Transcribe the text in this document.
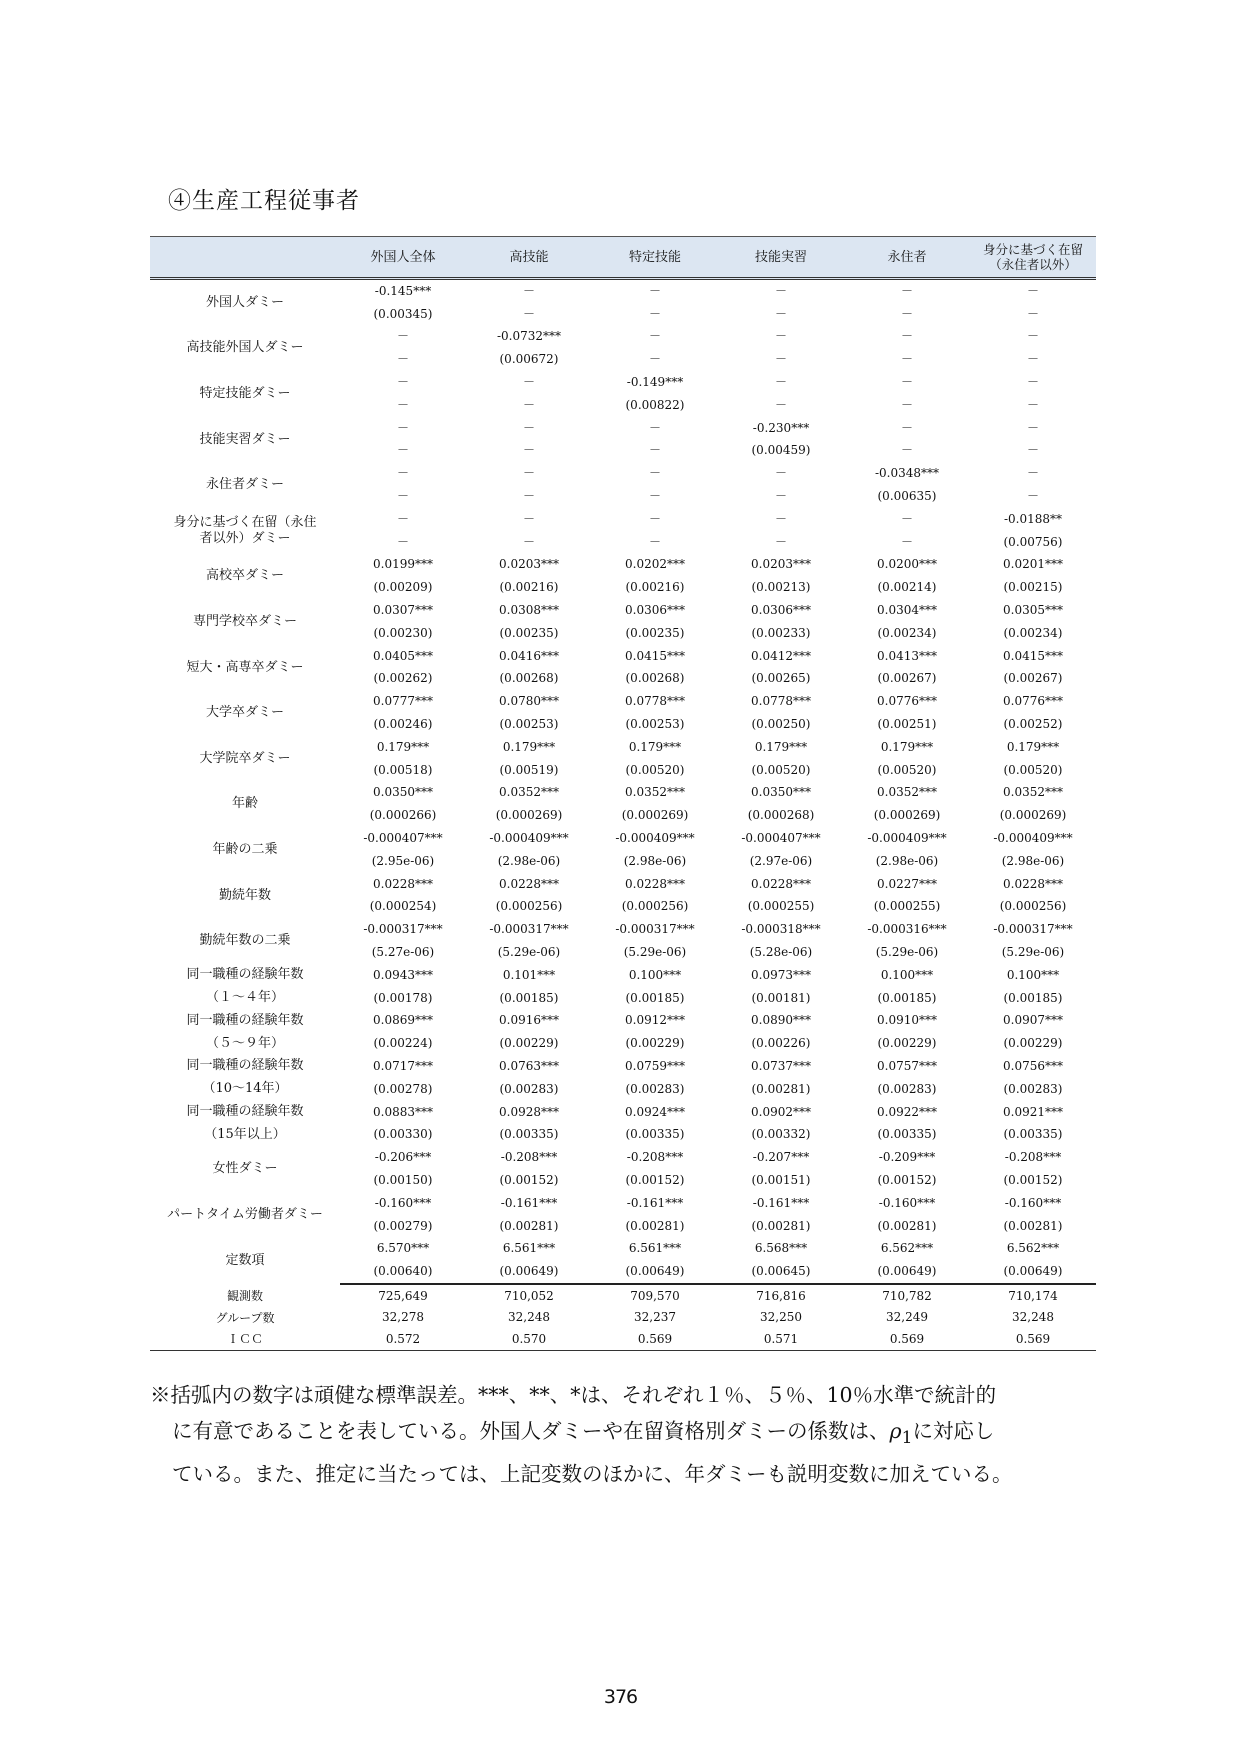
④生産工程従事者
	外国人全体	高技能	特定技能	技能実習	永住者	身分に基づく在留（永住者以外）
外国人ダミー	-0.145***	－	－	－	－	－
	(0.00345)	－	－	－	－	－
高技能外国人ダミー	－	-0.0732***	－	－	－	－
	－	(0.00672)	－	－	－	－
特定技能ダミー	－	－	-0.149***	－	－	－
	－	－	(0.00822)	－	－	－
技能実習ダミー	－	－	－	-0.230***	－	－
	－	－	－	(0.00459)	－	－
永住者ダミー	－	－	－	－	-0.0348***	－
	－	－	－	－	(0.00635)	－
身分に基づく在留（永住者以外）ダミー	－	－	－	－	－	-0.0188**
	－	－	－	－	－	(0.00756)
高校卒ダミー	0.0199***	0.0203***	0.0202***	0.0203***	0.0200***	0.0201***
	(0.00209)	(0.00216)	(0.00216)	(0.00213)	(0.00214)	(0.00215)
専門学校卒ダミー	0.0307***	0.0308***	0.0306***	0.0306***	0.0304***	0.0305***
	(0.00230)	(0.00235)	(0.00235)	(0.00233)	(0.00234)	(0.00234)
短大・高専卒ダミー	0.0405***	0.0416***	0.0415***	0.0412***	0.0413***	0.0415***
	(0.00262)	(0.00268)	(0.00268)	(0.00265)	(0.00267)	(0.00267)
大学卒ダミー	0.0777***	0.0780***	0.0778***	0.0778***	0.0776***	0.0776***
	(0.00246)	(0.00253)	(0.00253)	(0.00250)	(0.00251)	(0.00252)
大学院卒ダミー	0.179***	0.179***	0.179***	0.179***	0.179***	0.179***
	(0.00518)	(0.00519)	(0.00520)	(0.00520)	(0.00520)	(0.00520)
年齢	0.0350***	0.0352***	0.0352***	0.0350***	0.0352***	0.0352***
	(0.000266)	(0.000269)	(0.000269)	(0.000268)	(0.000269)	(0.000269)
年齢の二乗	-0.000407***	-0.000409***	-0.000409***	-0.000407***	-0.000409***	-0.000409***
	(2.95e-06)	(2.98e-06)	(2.98e-06)	(2.97e-06)	(2.98e-06)	(2.98e-06)
勤続年数	0.0228***	0.0228***	0.0228***	0.0228***	0.0227***	0.0228***
	(0.000254)	(0.000256)	(0.000256)	(0.000255)	(0.000255)	(0.000256)
勤続年数の二乗	-0.000317***	-0.000317***	-0.000317***	-0.000318***	-0.000316***	-0.000317***
	(5.27e-06)	(5.29e-06)	(5.29e-06)	(5.28e-06)	(5.29e-06)	(5.29e-06)
同一職種の経験年数	0.0943***	0.101***	0.100***	0.0973***	0.100***	0.100***
（１～４年）	(0.00178)	(0.00185)	(0.00185)	(0.00181)	(0.00185)	(0.00185)
同一職種の経験年数	0.0869***	0.0916***	0.0912***	0.0890***	0.0910***	0.0907***
（５～９年）	(0.00224)	(0.00229)	(0.00229)	(0.00226)	(0.00229)	(0.00229)
同一職種の経験年数	0.0717***	0.0763***	0.0759***	0.0737***	0.0757***	0.0756***
（10～14年）	(0.00278)	(0.00283)	(0.00283)	(0.00281)	(0.00283)	(0.00283)
同一職種の経験年数	0.0883***	0.0928***	0.0924***	0.0902***	0.0922***	0.0921***
（15年以上）	(0.00330)	(0.00335)	(0.00335)	(0.00332)	(0.00335)	(0.00335)
女性ダミー	-0.206***	-0.208***	-0.208***	-0.207***	-0.209***	-0.208***
	(0.00150)	(0.00152)	(0.00152)	(0.00151)	(0.00152)	(0.00152)
パートタイム労働者ダミー	-0.160***	-0.161***	-0.161***	-0.161***	-0.160***	-0.160***
	(0.00279)	(0.00281)	(0.00281)	(0.00281)	(0.00281)	(0.00281)
定数項	6.570***	6.561***	6.561***	6.568***	6.562***	6.562***
	(0.00640)	(0.00649)	(0.00649)	(0.00645)	(0.00649)	(0.00649)
観測数	725,649	710,052	709,570	716,816	710,782	710,174
グループ数	32,278	32,248	32,237	32,250	32,249	32,248
ＩＣＣ	0.572	0.570	0.569	0.571	0.569	0.569

※括弧内の数字は頑健な標準誤差。***、**、*は、それぞれ１％、５％、10％水準で統計的

に有意であることを表している。外国人ダミーや在留資格別ダミーの係数は、$\rho_1$に対応し

ている。また、推定に当たっては、上記変数のほかに、年ダミーも説明変数に加えている。

376
